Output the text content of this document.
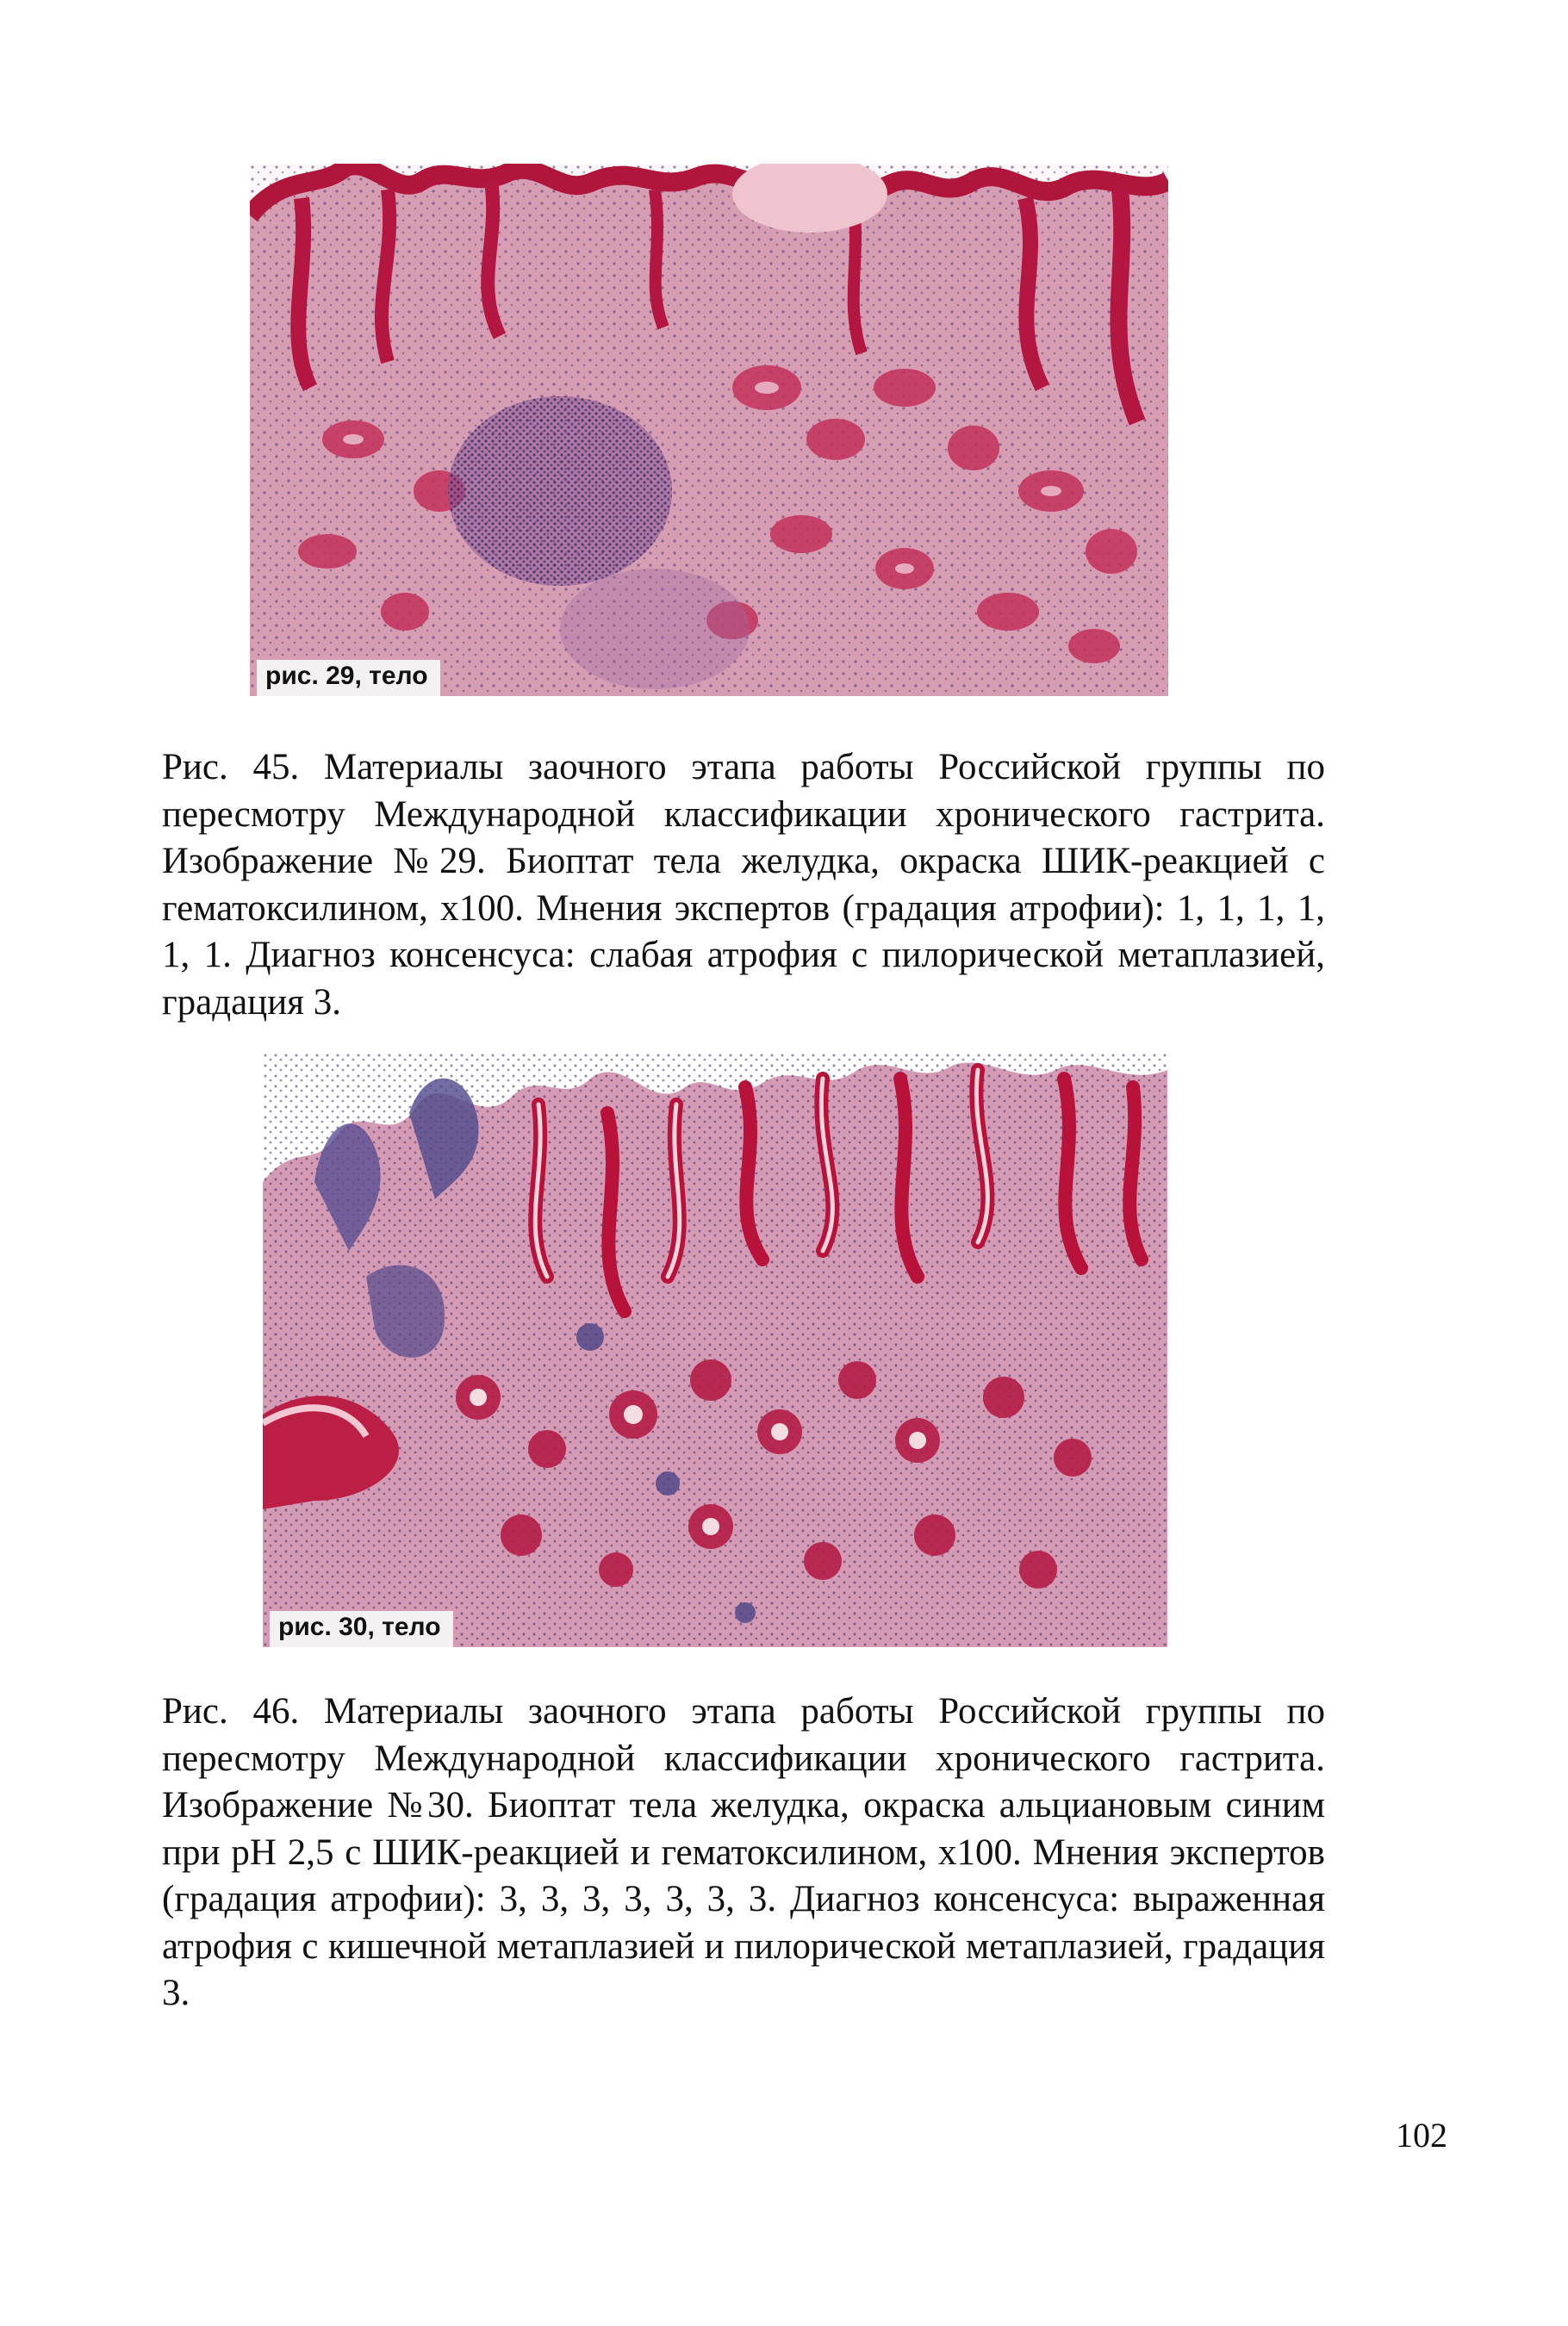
рис. 29, тело
Рис. 45. Материалы заочного этапа работы Российской группы по пересмотру Международной классификации хронического гастрита. Изображение №29. Биоптат тела желудка, окраска ШИК-реакцией с гематоксилином, x100. Мнения экспертов (градация атрофии): 1, 1, 1, 1, 1, 1. Диагноз консенсуса: слабая атрофия с пилорической метаплазией, градация 3.
рис. 30, тело
Рис. 46. Материалы заочного этапа работы Российской группы по пересмотру Международной классификации хронического гастрита. Изображение №30. Биоптат тела желудка, окраска альциановым синим при pH 2,5 с ШИК-реакцией и гематоксилином, x100. Мнения экспертов (градация атрофии): 3, 3, 3, 3, 3, 3, 3. Диагноз консенсуса: выраженная атрофия с кишечной метаплазией и пилорической метаплазией, градация 3.
102
